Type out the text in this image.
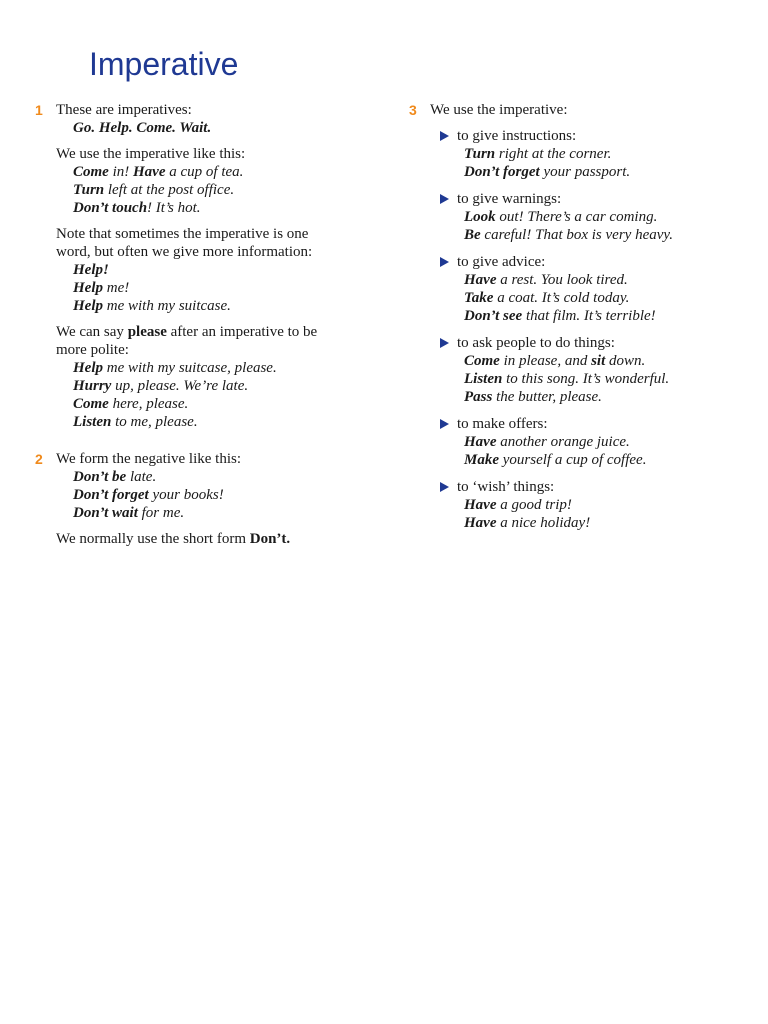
Imperative
1 These are imperatives:

Go. Help. Come. Wait.

We use the imperative like this:

Come in! Have a cup of tea.

Turn left at the post office.

Don’t touch! It’s hot.

Note that sometimes the imperative is one
word, but often we give more information:

Help!

Help me!

Help me with my suitcase.

We can say please after an imperative to be
more polite:

Help me with my suitcase, please.

Hurry up, please. We’re late.

Come here, please.

Listen to me, please.

2 We form the negative like this:

Don’t be late.

Don’t forget your books!

Don’t wait for me.

We normally use the short form Don’t.

3 We use the imperative:

to give instructions:

Turn right at the corner.

Don’t forget your passport.

to give warnings:

Look out! There’s a car coming.

Be careful! That box is very heavy.

to give advice:

Have a rest. You look tired.

Take a coat. It’s cold today.

Don’t see that film. It’s terrible!

to ask people to do things:

Come in please, and sit down.

Listen to this song. It’s wonderful.

Pass the butter, please.

to make offers:

Have another orange juice.

Make yourself a cup of coffee.

to ‘wish’ things:

Have a good trip!

Have a nice holiday!
